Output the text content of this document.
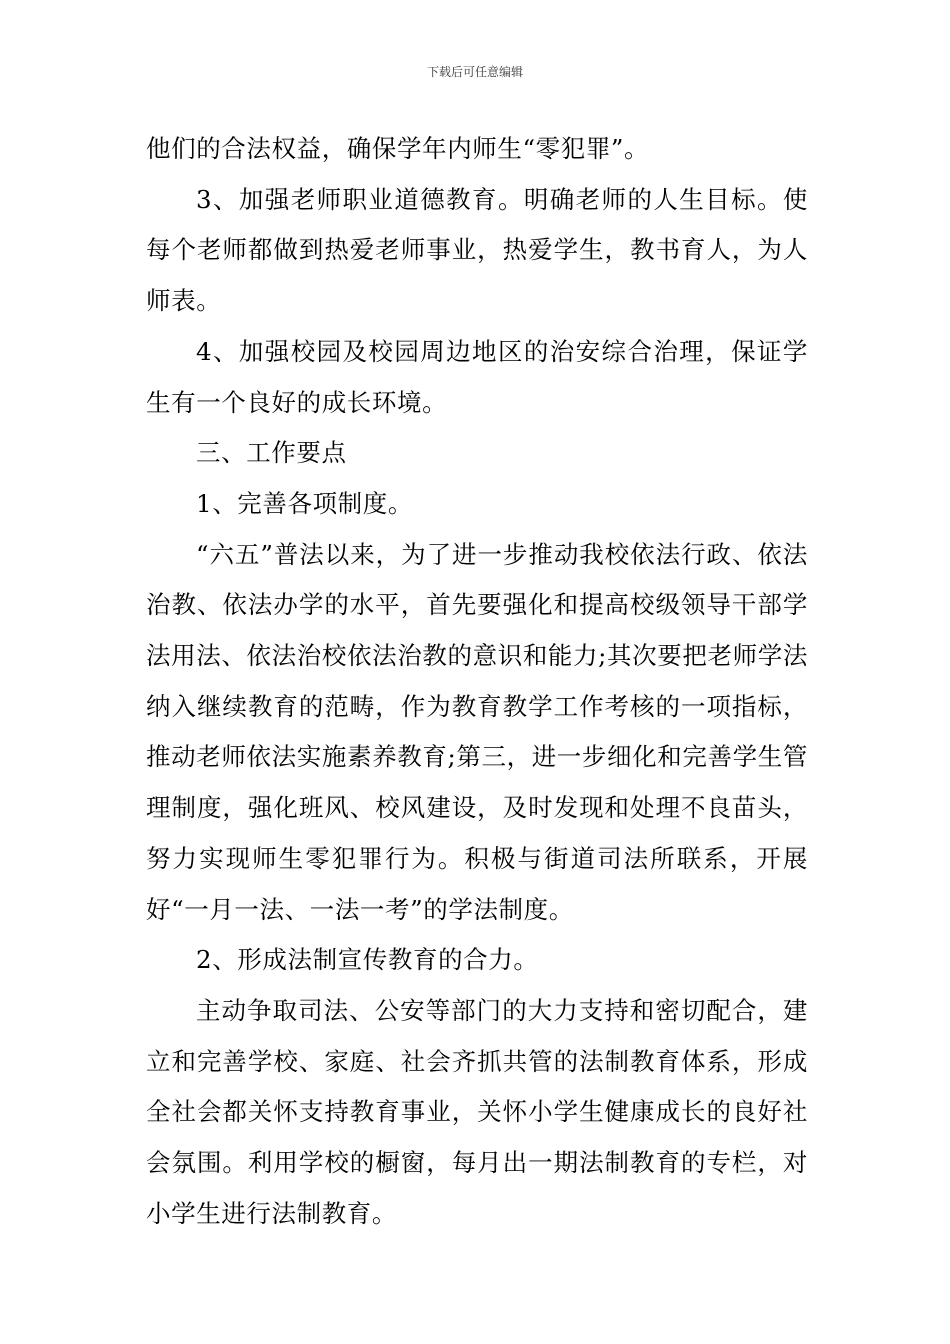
下载后可任意编辑

他们的合法权益，确保学年内师生“零犯罪”。

3、加强老师职业道德教育。明确老师的人生目标。使每个老师都做到热爱老师事业，热爱学生，教书育人，为人师表。

4、加强校园及校园周边地区的治安综合治理，保证学生有一个良好的成长环境。

三、工作要点

1、完善各项制度。

“六五”普法以来，为了进一步推动我校依法行政、依法治教、依法办学的水平，首先要强化和提高校级领导干部学法用法、依法治校依法治教的意识和能力;其次要把老师学法纳入继续教育的范畴，作为教育教学工作考核的一项指标，推动老师依法实施素养教育;第三，进一步细化和完善学生管理制度，强化班风、校风建设，及时发现和处理不良苗头，努力实现师生零犯罪行为。积极与街道司法所联系，开展好“一月一法、一法一考”的学法制度。

2、形成法制宣传教育的合力。

主动争取司法、公安等部门的大力支持和密切配合，建立和完善学校、家庭、社会齐抓共管的法制教育体系，形成全社会都关怀支持教育事业，关怀小学生健康成长的良好社会氛围。利用学校的橱窗，每月出一期法制教育的专栏，对小学生进行法制教育。
